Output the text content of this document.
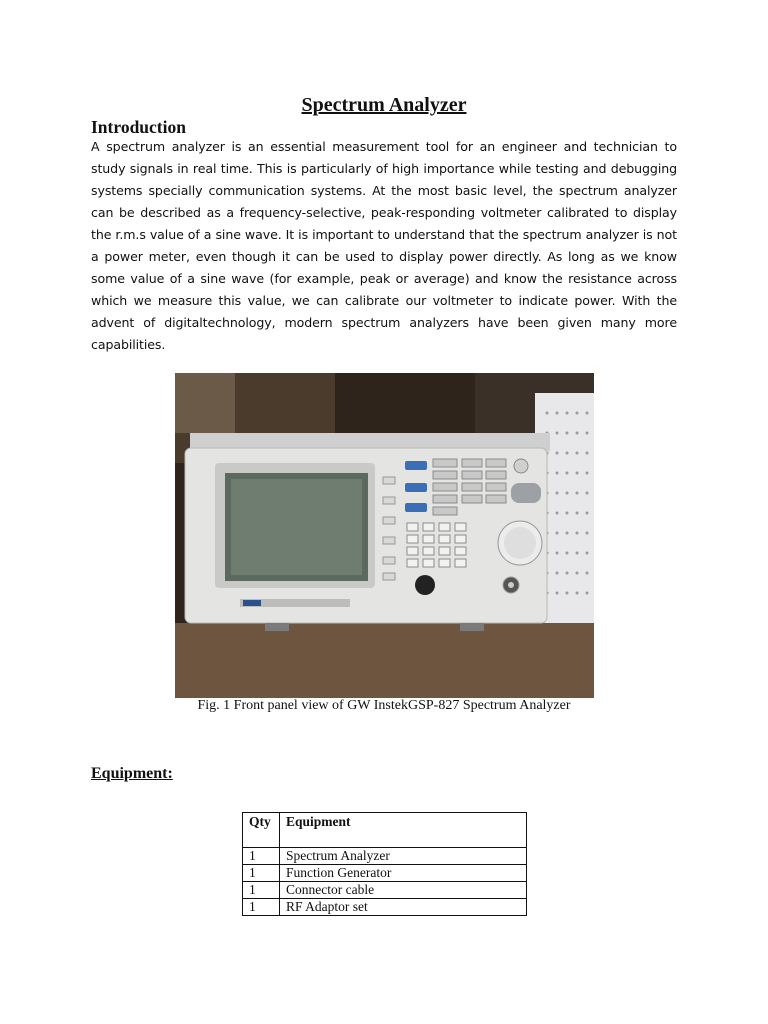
Spectrum Analyzer
Introduction
A spectrum analyzer is an essential measurement tool for an engineer and technician to study signals in real time. This is particularly of high importance while testing and debugging systems specially communication systems. At the most basic level, the spectrum analyzer can be described as a frequency-selective, peak-responding voltmeter calibrated to display the r.m.s value of a sine wave. It is important to understand that the spectrum analyzer is not a power meter, even though it can be used to display power directly. As long as we know some value of a sine wave (for example, peak or average) and know the resistance across which we measure this value, we can calibrate our voltmeter to indicate power. With the advent of digitaltechnology, modern spectrum analyzers have been given many more capabilities.
Fig. 1 Front panel view of GW InstekGSP-827 Spectrum Analyzer
Equipment:
Qty	Equipment
1	Spectrum Analyzer
1	Function Generator
1	Connector cable
1	RF Adaptor set
